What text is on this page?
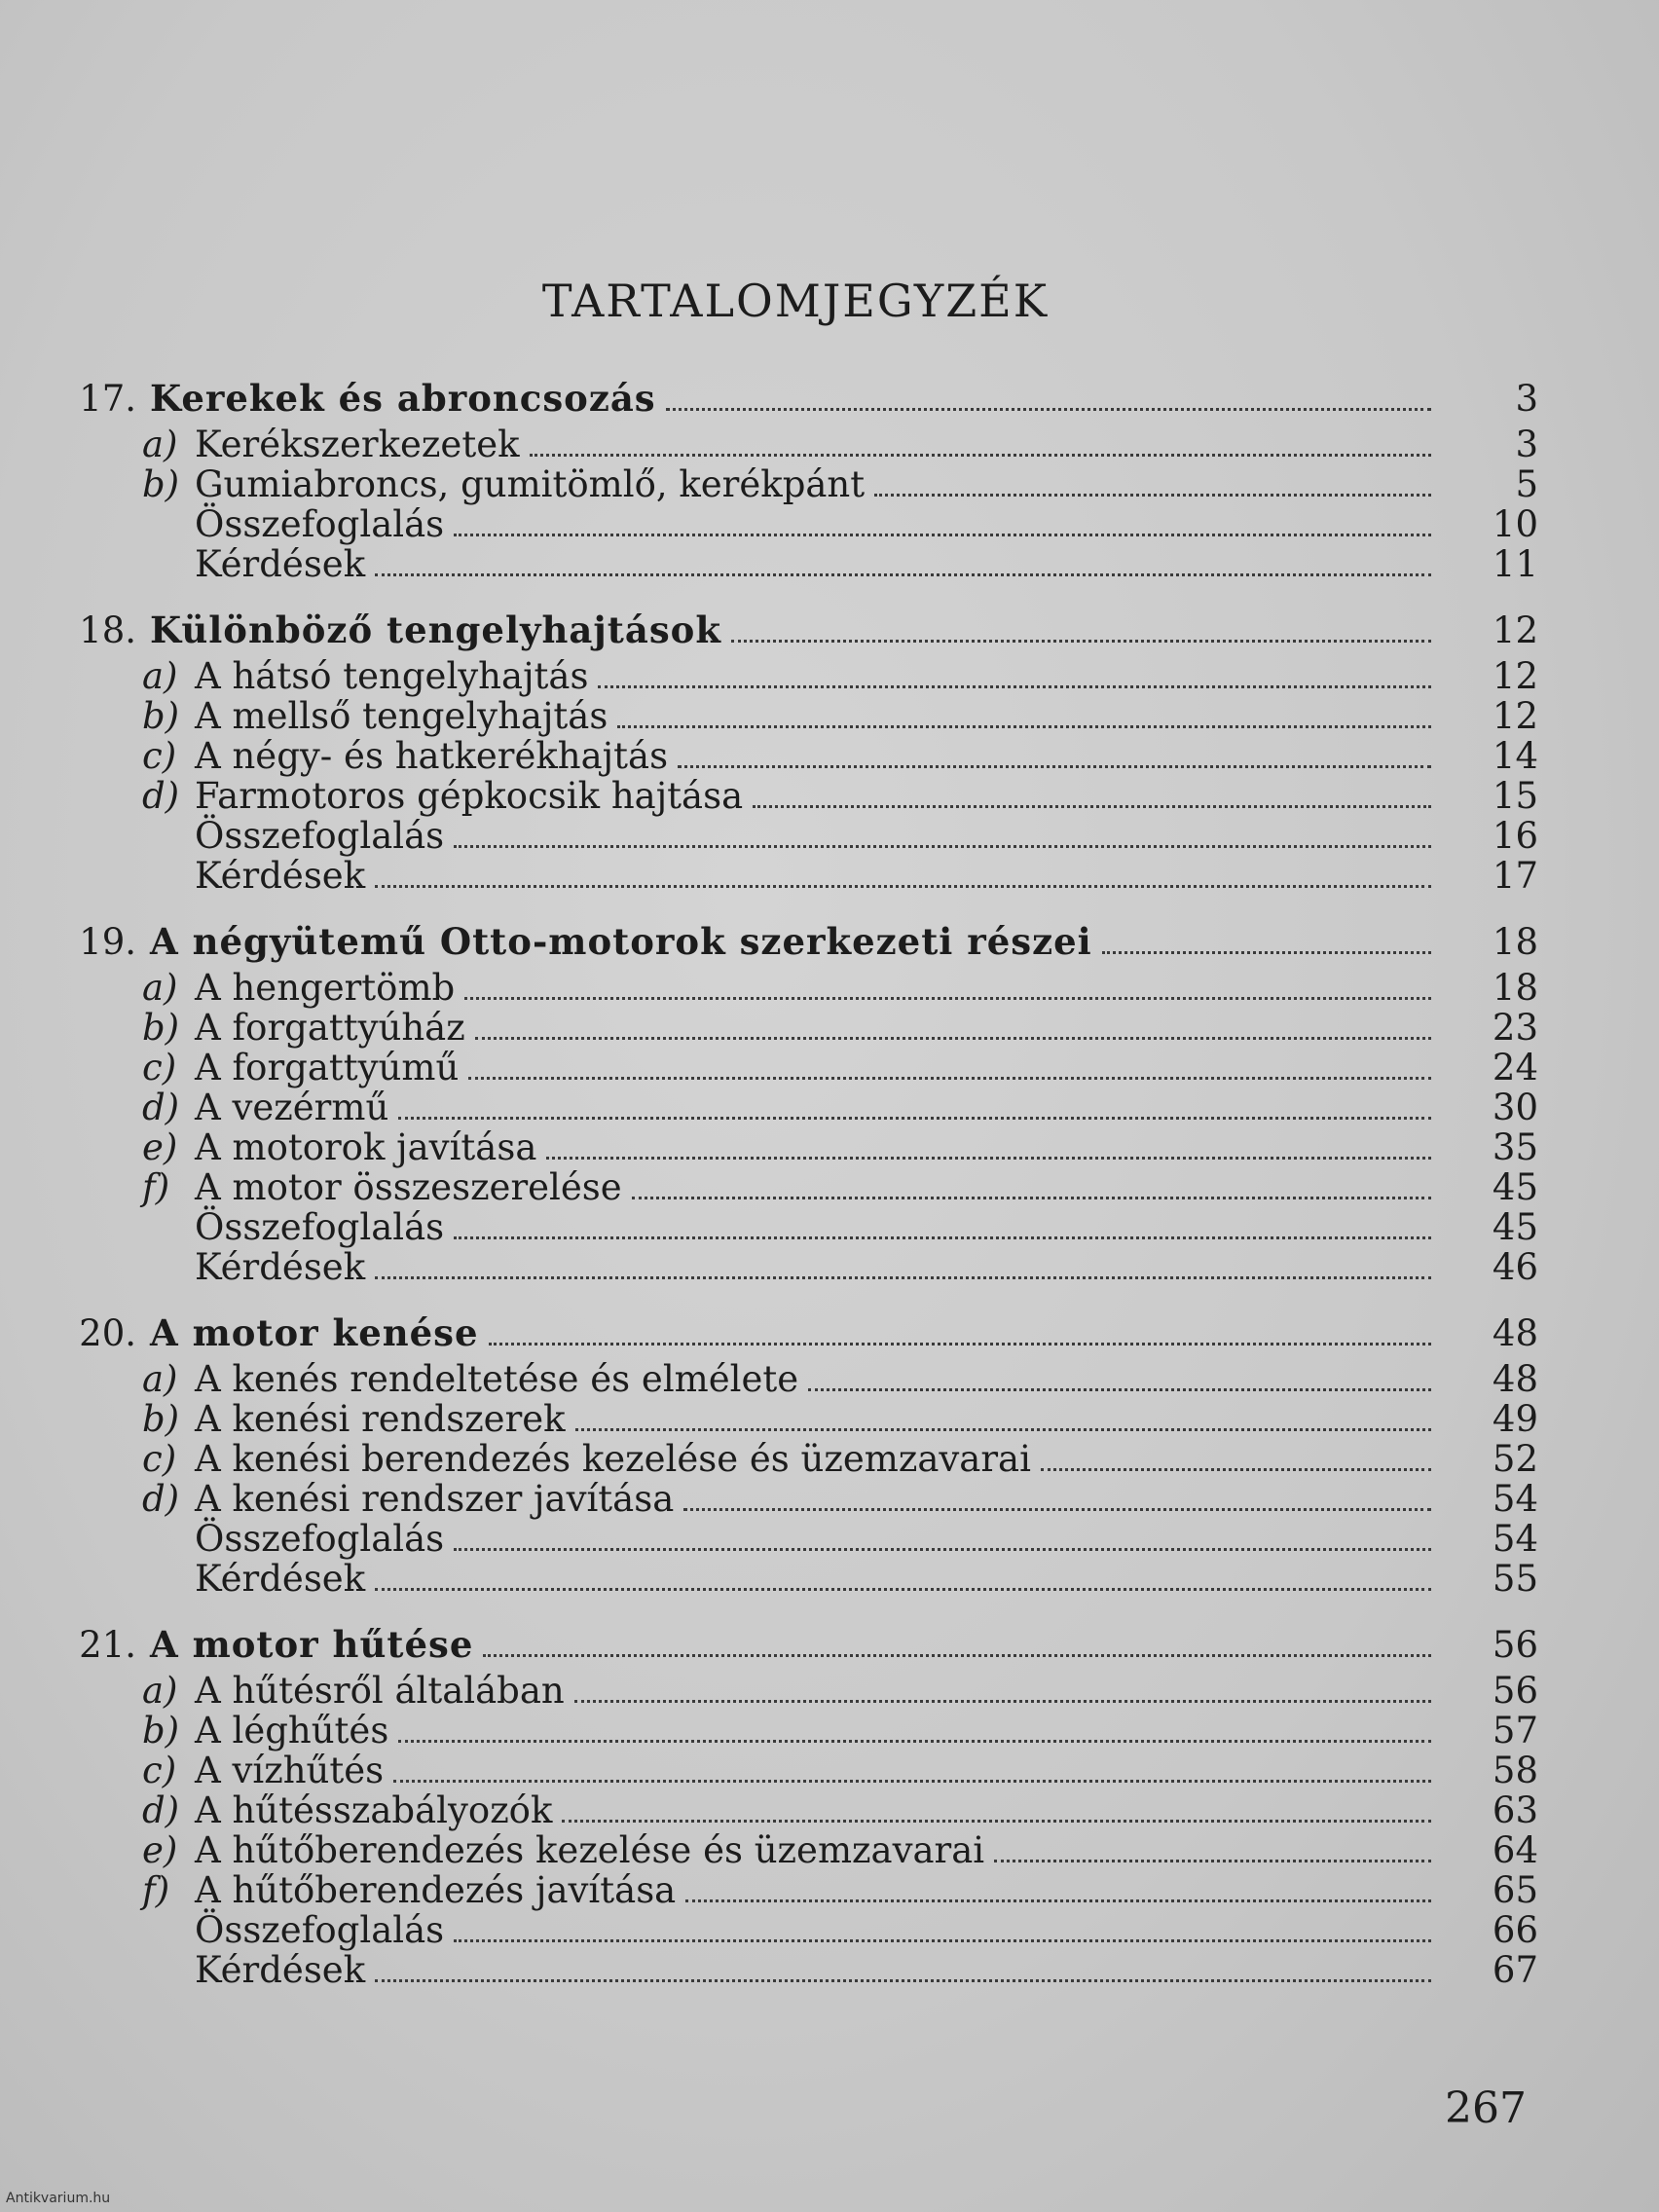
TARTALOMJEGYZÉK
17. Kerekek és abroncsozás	3
a) Kerékszerkezetek	3
b) Gumiabroncs, gumitömlő, kerékpánt	5
Összefoglalás	10
Kérdések	11
18. Különböző tengelyhajtások	12
a) A hátsó tengelyhajtás	12
b) A mellső tengelyhajtás	12
c) A négy- és hatkerékhajtás	14
d) Farmotoros gépkocsik hajtása	15
Összefoglalás	16
Kérdések	17
19. A négyütemű Otto-motorok szerkezeti részei	18
a) A hengertömb	18
b) A forgattyúház	23
c) A forgattyúmű	24
d) A vezérmű	30
e) A motorok javítása	35
f) A motor összeszerelése	45
Összefoglalás	45
Kérdések	46
20. A motor kenése	48
a) A kenés rendeltetése és elmélete	48
b) A kenési rendszerek	49
c) A kenési berendezés kezelése és üzemzavarai	52
d) A kenési rendszer javítása	54
Összefoglalás	54
Kérdések	55
21. A motor hűtése	56
a) A hűtésről általában	56
b) A léghűtés	57
c) A vízhűtés	58
d) A hűtésszabályozók	63
e) A hűtőberendezés kezelése és üzemzavarai	64
f) A hűtőberendezés javítása	65
Összefoglalás	66
Kérdések	67
267
Antikvarium.hu
